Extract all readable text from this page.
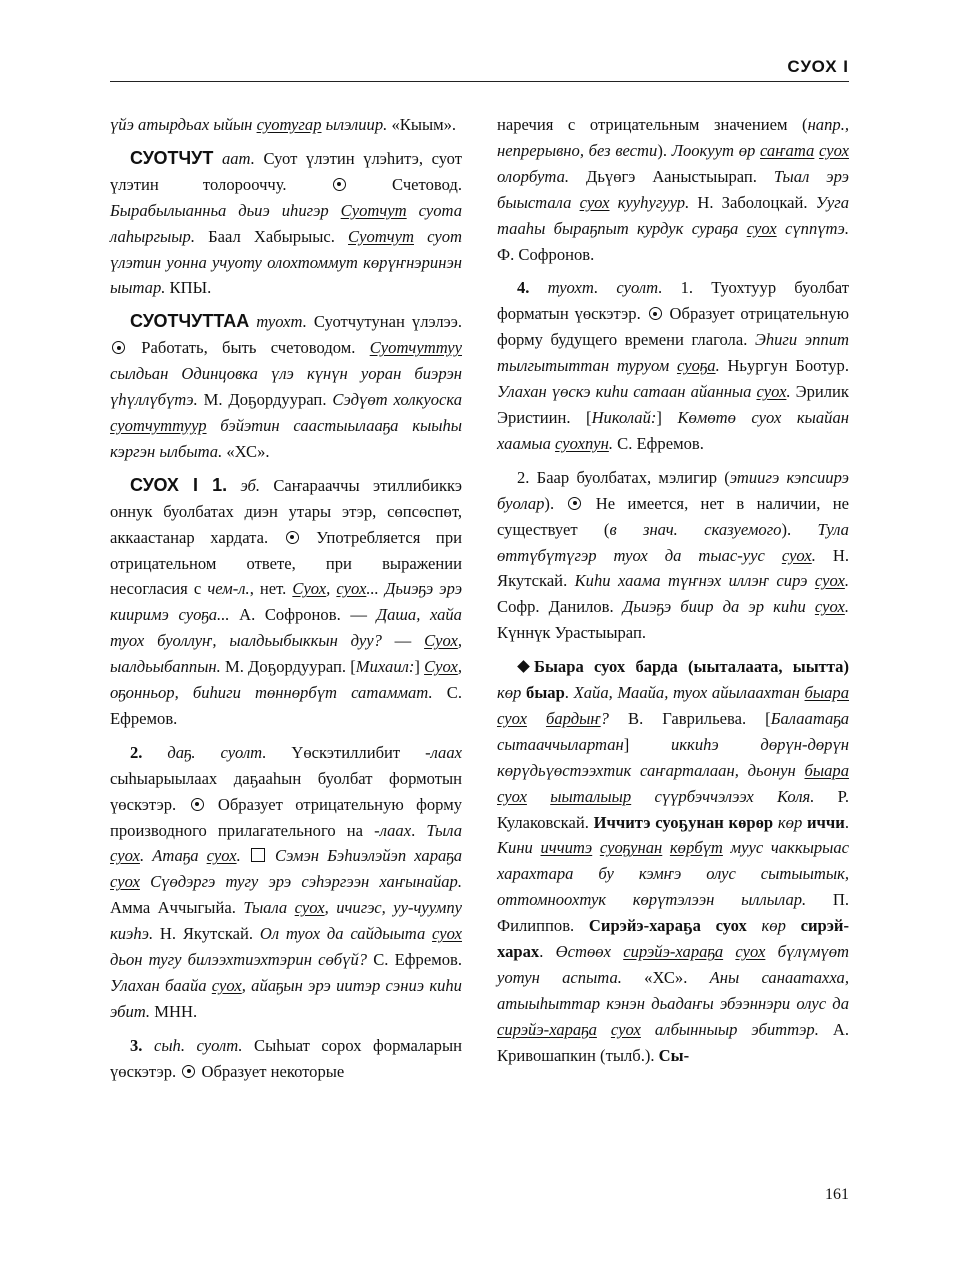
СУОХ I

үйэ атырдьах ыйын суотугар ылэлиир. «Кыым».

СУОТЧУТ аат. Суот үлэтин үлэһитэ, суот үлэтин толорооччу.  Счетовод. Бырабылыанньа дьиэ иһигэр Суотчут суота лаһыргыыр. Баал Хабырыыс. Суотчут суот үлэтин уонна учуоту олохтоммут көрүҥнэринэн ыытар. КПЫ.

СУОТЧУТТАА туохт. Суотчутунан үлэлээ.  Работать, быть счетоводом. Суотчуттуу сылдьан Одинцовка үлэ күнүн уоран биэрэн үһүллүбүтэ. М. Доҕордуурап. Сэдүөт холкуоска суотчуттуур бэйэтин саастыылааҕа кыыһы кэргэн ылбыта. «ХС».

СУОХ I 1. эб. Саҥарааччы этиллибиккэ оннук буолбатах диэн утары этэр, сөпсөспөт, аккаастанар хардата.  Употребляется при отрицательном ответе, при выражении несогласия с чем-л., нет. Суох, суох... Дьиэҕэ эрэ кииримэ суоҕа... А. Софронов. — Даша, хайа туох буоллуҥ, ыалдьыбыккын дуу? — Суох, ыалдьыбаппын. М. Доҕордуурап. [Михаил:] Суох, оҕонньор, биһиги төннөрбүт сатаммат. С. Ефремов.

2. даҕ. суолт. Үөскэтиллибит -лаах сыһыарыылаах даҕааһын буолбат формотын үөскэтэр.  Образует отрицательную форму производного прилагательного на -лаах. Тыла суох. Атаҕа суох. Сэмэн Бэһиэлэйэп хараҕа суох Сүөдэргэ тугу эрэ сэһэргээн хаҥынайар. Амма Аччыгыйа. Тыала суох, ичигэс, уу-чуумпу киэһэ. Н. Якутскай. Ол туох да сайдыыта суох дьон тугу билээхтиэхтэрин сөбүй? С. Ефремов. Улахан баайа суох, айаҕын эрэ иитэр сэниэ киһи эбит. МНН.

3. сыһ. суолт. Сыһыат сорох формаларын үөскэтэр.  Образует некоторые

наречия с отрицательным значением (напр., непрерывно, без вести). Лоокуут өр саҥата суох олорбута. Дьүөгэ Ааныстыырап. Тыал эрэ быыстала суох кууһугуур. Н. Заболоцкай. Ууга тааһы быраҕпыт курдук сураҕа суох сүппүтэ. Ф. Софронов.

4. туохт. суолт. 1. Туохтуур буолбат форматын үөскэтэр.  Образует отрицательную форму будущего времени глагола. Эһиги эппит тылгытыттан туруом суоҕа. Ньургун Боотур. Улахан үөскэ киһи сатаан айанныа суох. Эрилик Эристиин. [Николай:] Көмөтө суох кыайан хаамыа суохпун. С. Ефремов.

2. Баар буолбатах, мэлигир (этиигэ кэпсиирэ буолар).  Не имеется, нет в наличии, не существует (в знач. сказуемого). Тула өттүбүтүгэр туох да тыас-уус суох. Н. Якутскай. Киһи хаама түҥнэх иллэҥ сирэ суох. Софр. Данилов. Дьиэҕэ биир да эр киһи суох. Күннүк Урастыырап.

Быара суох барда (ыыталаата, ыытта) көр быар. Хайа, Маайа, туох айылаахтан быара суох бардыҥ? В. Гаврильева. [Балаатаҕа сытааччылартан] иккиһэ дөрүн-дөрүн көрүдьүөстээхтик саҥарталаан, дьонун быара суох ыыталыыр сүүрбэччэлээх Коля. Р. Кулаковскай. Иччитэ суоҕунан көрөр көр иччи. Кини иччитэ суоҕунан көрбүт муус чаккырыас харахтара бу кэмҥэ олус сытыытык, оттомноохтук көрүтэлээн ыллылар. П. Филиппов. Сирэйэ-хараҕа суох көр сирэй-харах. Өстөөх сирэйэ-хараҕа суох бүлүмүөт уотун аспыта. «ХС». Аны санаатахха, атыыһыттар кэнэн дьадаҥы эбээннэри олус да сирэйэ-хараҕа суох албынныыр эбиттэр. А. Кривошапкин (тылб.). Сы-

161
